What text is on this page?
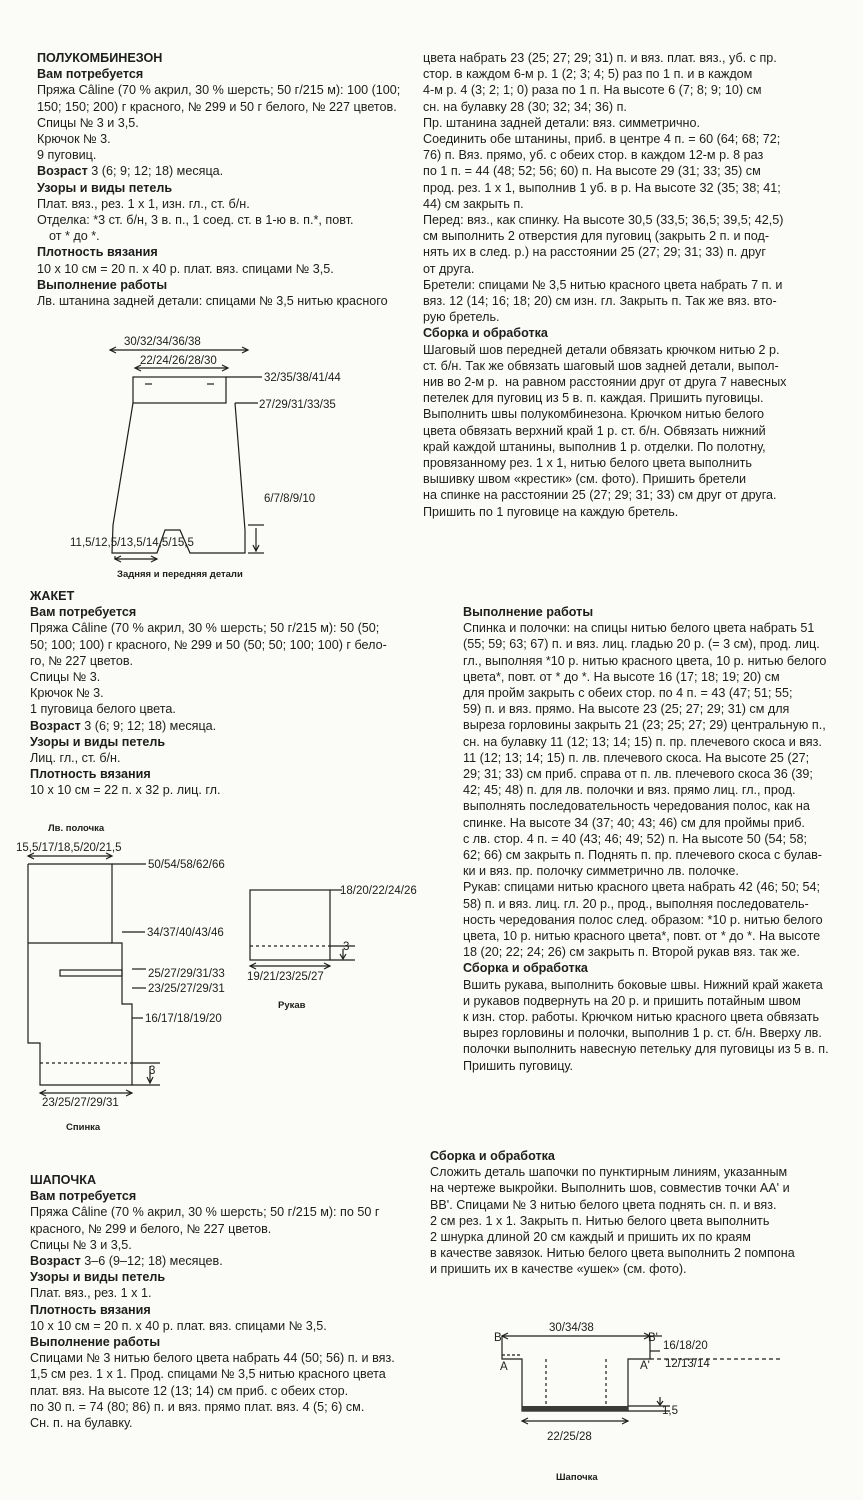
ПОЛУКОМБИНЕЗОН

Вам потребуется

Пряжа Câline (70 % акрил, 30 % шерсть; 50 г/215 м): 100 (100; 150; 150; 200) г красного, № 299 и 50 г белого, № 227 цветов.

Спицы № 3 и 3,5.

Крючок № 3.

9 пуговиц.

Возраст 3 (6; 9; 12; 18) месяца.

Узоры и виды петель

Плат. вяз., рез. 1 х 1, изн. гл., ст. б/н.

Отделка: *3 ст. б/н, 3 в. п., 1 соед. ст. в 1-ю в. п.*, повт.

от * до *.

Плотность вязания

10 х 10 см = 20 п. х 40 р. плат. вяз. спицами № 3,5.

Выполнение работы

Лв. штанина задней детали: спицами № 3,5 нитью красного

цвета набрать 23 (25; 27; 29; 31) п. и вяз. плат. вяз., уб. с пр.

стор. в каждом 6-м р. 1 (2; 3; 4; 5) раз по 1 п. и в каждом

4-м р. 4 (3; 2; 1; 0) раза по 1 п. На высоте 6 (7; 8; 9; 10) см

сн. на булавку 28 (30; 32; 34; 36) п.

Пр. штанина задней детали: вяз. симметрично.

Соединить обе штанины, приб. в центре 4 п. = 60 (64; 68; 72;

76) п. Вяз. прямо, уб. с обеих стор. в каждом 12-м р. 8 раз

по 1 п. = 44 (48; 52; 56; 60) п. На высоте 29 (31; 33; 35) см

прод. рез. 1 х 1, выполнив 1 уб. в р. На высоте 32 (35; 38; 41;

44) см закрыть п.

Перед: вяз., как спинку. На высоте 30,5 (33,5; 36,5; 39,5; 42,5)

см выполнить 2 отверстия для пуговиц (закрыть 2 п. и под-

нять их в след. р.) на расстоянии 25 (27; 29; 31; 33) п. друг

от друга.

Бретели: спицами № 3,5 нитью красного цвета набрать 7 п. и

вяз. 12 (14; 16; 18; 20) см изн. гл. Закрыть п. Так же вяз. вто-

рую бретель.

Сборка и обработка

Шаговый шов передней детали обвязать крючком нитью 2 р.

ст. б/н. Так же обвязать шаговый шов задней детали, выпол-

нив во 2-м р.  на равном расстоянии друг от друга 7 навесных

петелек для пуговиц из 5 в. п. каждая. Пришить пуговицы.

Выполнить швы полукомбинезона. Крючком нитью белого

цвета обвязать верхний край 1 р. ст. б/н. Обвязать нижний

край каждой штанины, выполнив 1 р. отделки. По полотну,

провязанному рез. 1 х 1, нитью белого цвета выполнить

вышивку швом «крестик» (см. фото). Пришить бретели

на спинке на расстоянии 25 (27; 29; 31; 33) см друг от друга.

Пришить по 1 пуговице на каждую бретель.

30/32/34/36/38
22/24/26/28/30
32/35/38/41/44
27/29/31/33/35
6/7/8/9/10
11,5/12,5/13,5/14,5/15,5
Задняя и передняя детали

ЖАКЕТ

Вам потребуется

Пряжа Câline (70 % акрил, 30 % шерсть; 50 г/215 м): 50 (50;

50; 100; 100) г красного, № 299 и 50 (50; 50; 100; 100) г бело-

го, № 227 цветов.

Спицы № 3.

Крючок № 3.

1 пуговица белого цвета.

Возраст 3 (6; 9; 12; 18) месяца.

Узоры и виды петель

Лиц. гл., ст. б/н.

Плотность вязания

10 х 10 см = 22 п. х 32 р. лиц. гл.

Выполнение работы

Спинка и полочки: на спицы нитью белого цвета набрать 51

(55; 59; 63; 67) п. и вяз. лиц. гладью 20 р. (= 3 см), прод. лиц.

гл., выполняя *10 р. нитью красного цвета, 10 р. нитью белого

цвета*, повт. от * до *. На высоте 16 (17; 18; 19; 20) см

для пройм закрыть с обеих стор. по 4 п. = 43 (47; 51; 55;

59) п. и вяз. прямо. На высоте 23 (25; 27; 29; 31) см для

выреза горловины закрыть 21 (23; 25; 27; 29) центральную п.,

сн. на булавку 11 (12; 13; 14; 15) п. пр. плечевого скоса и вяз.

11 (12; 13; 14; 15) п. лв. плечевого скоса. На высоте 25 (27;

29; 31; 33) см приб. справа от п. лв. плечевого скоса 36 (39;

42; 45; 48) п. для лв. полочки и вяз. прямо лиц. гл., прод.

выполнять последовательность чередования полос, как на

спинке. На высоте 34 (37; 40; 43; 46) см для проймы приб.

с лв. стор. 4 п. = 40 (43; 46; 49; 52) п. На высоте 50 (54; 58;

62; 66) см закрыть п. Поднять п. пр. плечевого скоса с булав-

ки и вяз. пр. полочку симметрично лв. полочке.

Рукав: спицами нитью красного цвета набрать 42 (46; 50; 54;

58) п. и вяз. лиц. гл. 20 р., прод., выполняя последователь-

ность чередования полос след. образом: *10 р. нитью белого

цвета, 10 р. нитью красного цвета*, повт. от * до *. На высоте

18 (20; 22; 24; 26) см закрыть п. Второй рукав вяз. так же.

Сборка и обработка

Вшить рукава, выполнить боковые швы. Нижний край жакета

и рукавов подвернуть на 20 р. и пришить потайным швом

к изн. стор. работы. Крючком нитью красного цвета обвязать

вырез горловины и полочки, выполнив 1 р. ст. б/н. Вверху лв.

полочки выполнить навесную петельку для пуговицы из 5 в. п.

Пришить пуговицу.

Лв. полочка
15,5/17/18,5/20/21,5
50/54/58/62/66
34/37/40/43/46
25/27/29/31/33
23/25/27/29/31
16/17/18/19/20
3
23/25/27/29/31
Спинка
18/20/22/24/26
3
19/21/23/25/27
Рукав

ШАПОЧКА

Вам потребуется

Пряжа Câline (70 % акрил, 30 % шерсть; 50 г/215 м): по 50 г

красного, № 299 и белого, № 227 цветов.

Спицы № 3 и 3,5.

Возраст 3–6 (9–12; 18) месяцев.

Узоры и виды петель

Плат. вяз., рез. 1 х 1.

Плотность вязания

10 х 10 см = 20 п. х 40 р. плат. вяз. спицами № 3,5.

Выполнение работы

Спицами № 3 нитью белого цвета набрать 44 (50; 56) п. и вяз.

1,5 см рез. 1 х 1. Прод. спицами № 3,5 нитью красного цвета

плат. вяз. На высоте 12 (13; 14) см приб. с обеих стор.

по 30 п. = 74 (80; 86) п. и вяз. прямо плат. вяз. 4 (5; 6) см.

Сн. п. на булавку.

Сборка и обработка

Сложить деталь шапочки по пунктирным линиям, указанным

на чертеже выкройки. Выполнить шов, совместив точки АА' и

ВВ'. Спицами № 3 нитью белого цвета поднять сн. п. и вяз.

2 см рез. 1 х 1. Закрыть п. Нитью белого цвета выполнить

2 шнурка длиной 20 см каждый и пришить их по краям

в качестве завязок. Нитью белого цвета выполнить 2 помпона

и пришить их в качестве «ушек» (см. фото).

30/34/38
B	B'
16/18/20
A	A' 12/13/14
1,5
22/25/28
Шапочка
